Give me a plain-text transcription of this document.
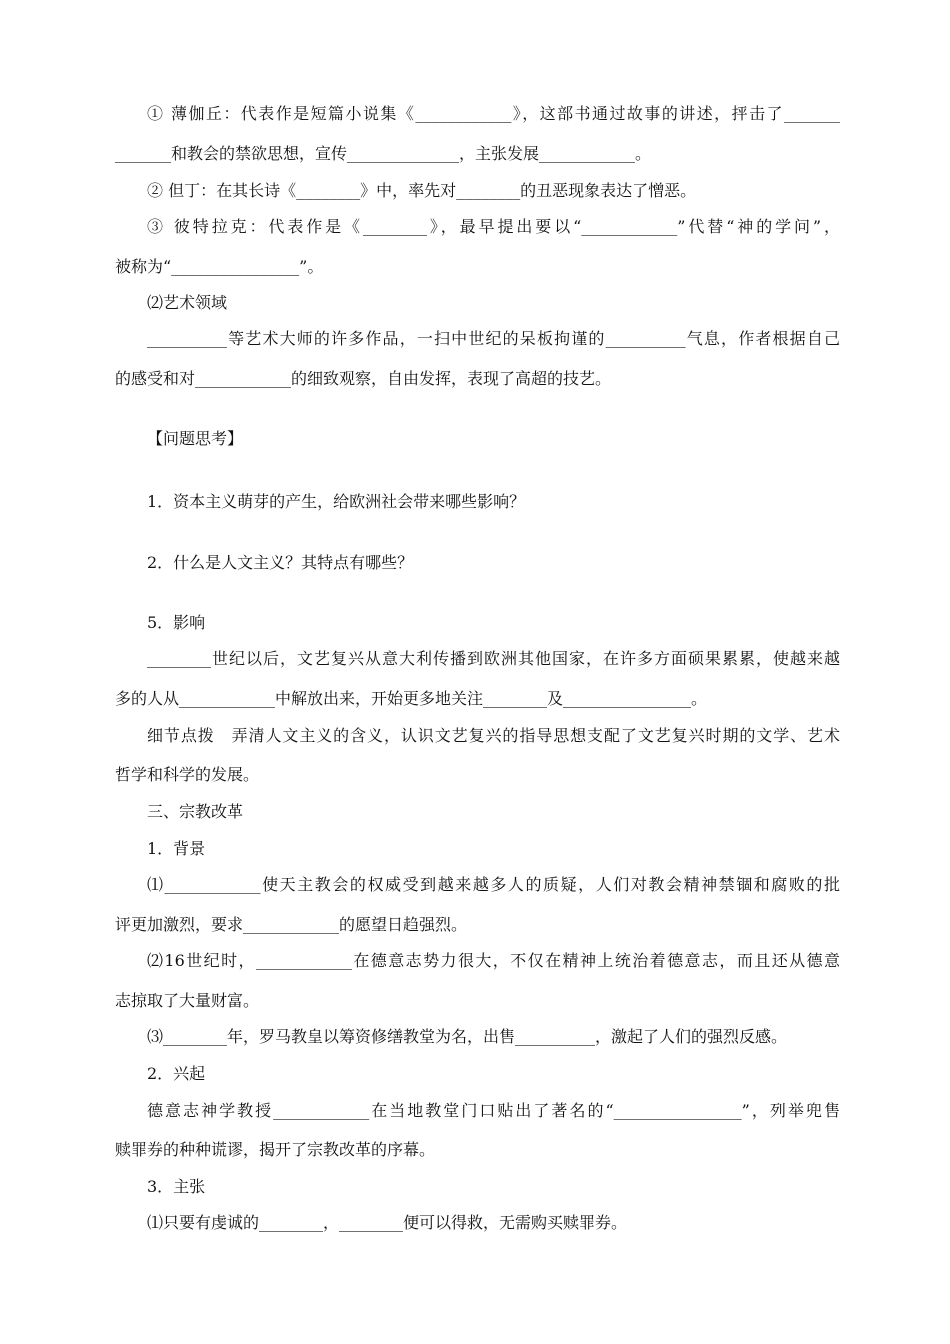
① 薄伽丘：代表作是短篇小说集《____________》，这部书通过故事的讲述，抨击了_______

_______和教会的禁欲思想，宣传______________，主张发展____________。

② 但丁：在其长诗《________》中，率先对________的丑恶现象表达了憎恶。

③ 彼特拉克：代表作是《________》，最早提出要以“____________”代替“神的学问”，

被称为“________________”。

⑵艺术领域

__________等艺术大师的许多作品，一扫中世纪的呆板拘谨的__________气息，作者根据自己

的感受和对____________的细致观察，自由发挥，表现了高超的技艺。

【问题思考】

1．资本主义萌芽的产生，给欧洲社会带来哪些影响？

2．什么是人文主义？其特点有哪些？

5．影响

________世纪以后，文艺复兴从意大利传播到欧洲其他国家，在许多方面硕果累累，使越来越

多的人从____________中解放出来，开始更多地关注________及________________。

细节点拨　弄清人文主义的含义，认识文艺复兴的指导思想支配了文艺复兴时期的文学、艺术

哲学和科学的发展。

三、宗教改革

1．背景

⑴____________使天主教会的权威受到越来越多人的质疑，人们对教会精神禁锢和腐败的批

评更加激烈，要求____________的愿望日趋强烈。

⑵16世纪时，____________在德意志势力很大，不仅在精神上统治着德意志，而且还从德意

志掠取了大量财富。

⑶________年，罗马教皇以筹资修缮教堂为名，出售__________，激起了人们的强烈反感。

2．兴起

德意志神学教授____________在当地教堂门口贴出了著名的“________________”，列举兜售

赎罪券的种种谎谬，揭开了宗教改革的序幕。

3．主张

⑴只要有虔诚的________，________便可以得救，无需购买赎罪券。
